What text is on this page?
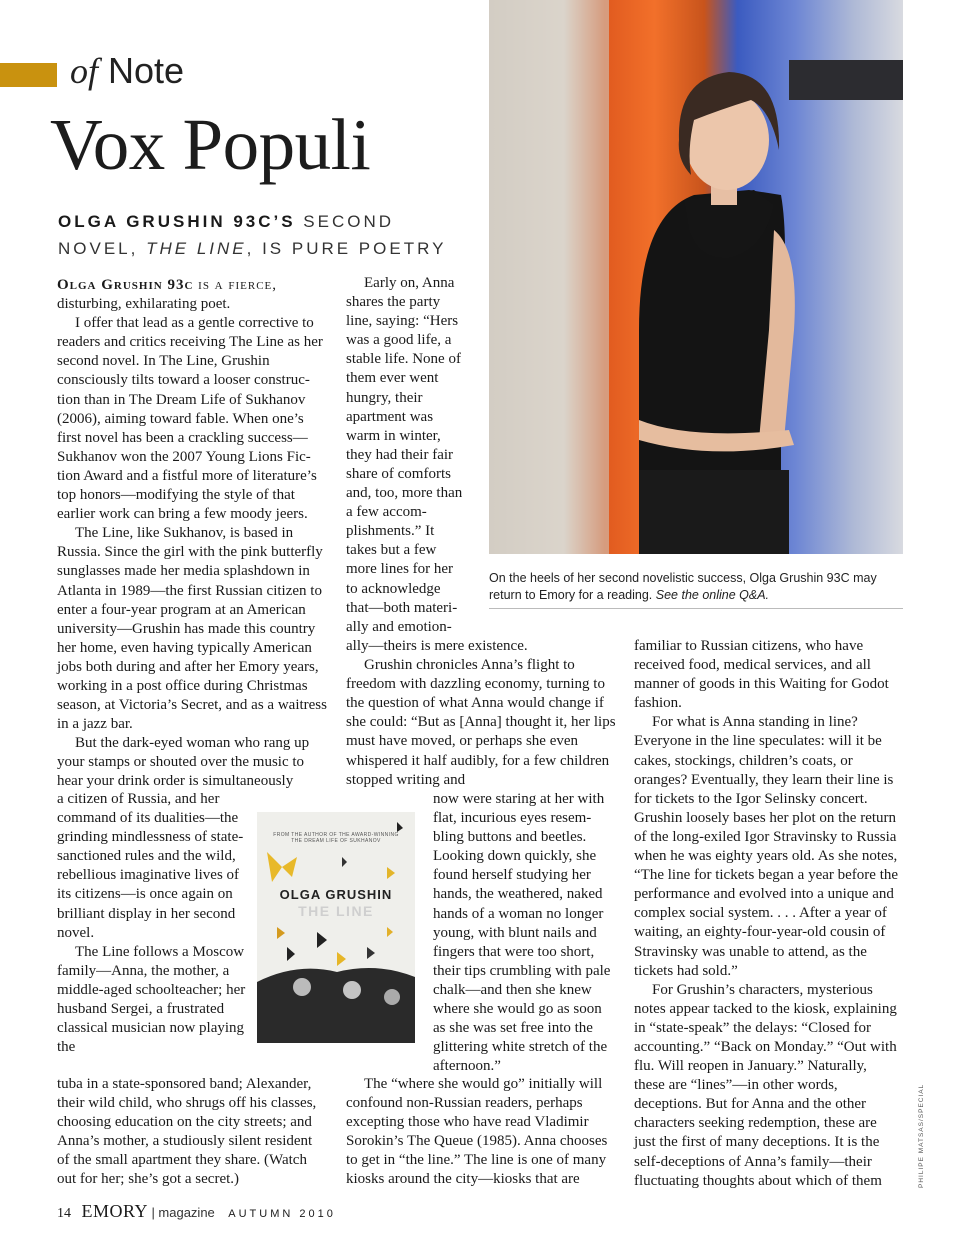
of Note
Vox Populi
OLGA GRUSHIN 93C’S SECOND NOVEL, THE LINE, IS PURE POETRY
On the heels of her second novelistic success, Olga Grushin 93C may return to Emory for a reading. See the online Q&A.

Olga Grushin 93c is a fierce,
disturbing, exhilarating poet.

I offer that lead as a gentle corrective to readers and critics receiving The Line as her second novel. In The Line, Grushin consciously tilts toward a looser construction than in The Dream Life of Sukhanov (2006), aiming toward fable. When one’s first novel has been a crackling success—Sukhanov won the 2007 Young Lions Fiction Award and a fistful more of literature’s top honors—modifying the style of that earlier work can bring a few moody jeers.

The Line, like Sukhanov, is based in Russia. Since the girl with the pink butterfly sunglasses made her media splashdown in Atlanta in 1989—the first Russian citizen to enter a four-year program at an American university—Grushin has made this country her home, even having typically American jobs both during and after her Emory years, working in a post office during Christmas season, at Victoria’s Secret, and as a waitress in a jazz bar.

But the dark-eyed woman who rang up your stamps or shouted over the music to hear your drink order is simultaneously

Early on, Anna shares the party line, saying: “Hers was a good life, a stable life. None of them ever went hungry, their apartment was warm in winter, they had their fair share of comforts and, too, more than a few accomplishments.” It takes but a few more lines for her to acknowledge that—both materially and emotion-

ally—theirs is mere existence.

Grushin chronicles Anna’s flight to freedom with dazzling economy, turning to the question of what Anna would change if she could: “But as [Anna] thought it, her lips must have moved, or perhaps she even whispered it half audibly, for a few children stopped writing and

familiar to Russian citizens, who have received food, medical services, and all manner of goods in this Waiting for Godot fashion.

For what is Anna standing in line? Everyone in the line speculates: will it be cakes, stockings, children’s coats, or oranges? Eventually, they learn their line is for tickets to the Igor Selinsky concert. Grushin loosely bases her plot on the return of the long-exiled Igor Stravinsky to Russia when he was eighty years old. As she notes, “The line for tickets began a year before the performance and evolved into a unique and complex social system. . . . After a year of waiting, an eighty-four-year-old cousin of Stravinsky was unable to attend, as the tickets had sold.”

For Grushin’s characters, mysterious notes appear tacked to the kiosk, explaining in “state-speak” the delays: “Closed for accounting.” “Back on Monday.” “Out with flu. Will reopen in January.” Naturally, these are “lines”—in other words, deceptions. But for Anna and the other characters seeking redemption, these are just the first of many deceptions. It is the self-deceptions of Anna’s family—their fluctuating thoughts about which of them

a citizen of Russia, and her command of its dualities—the grinding mindlessness of state-sanctioned rules and the wild, rebellious imaginative lives of its citizens—is once again on brilliant display in her second novel.

The Line follows a Moscow family—Anna, the mother, a middle-aged schoolteacher; her husband Sergei, a frustrated classical musician now playing the

FROM THE AUTHOR OF THE AWARD-WINNING THE DREAM LIFE OF SUKHANOV
OLGA GRUSHIN
THE LINE

now were staring at her with flat, incurious eyes resembling buttons and beetles. Looking down quickly, she found herself studying her hands, the weathered, naked hands of a woman no longer young, with blunt nails and fingers that were too short, their tips crumbling with pale chalk—and then she knew where she would go as soon as she was set free into the glittering white stretch of the afternoon.”

tuba in a state-sponsored band; Alexander, their wild child, who shrugs off his classes, choosing education on the city streets; and Anna’s mother, a studiously silent resident of the small apartment they share. (Watch out for her; she’s got a secret.)

The “where she would go” initially will confound non-Russian readers, perhaps excepting those who have read Vladimir Sorokin’s The Queue (1985). Anna chooses to get in “the line.” The line is one of many kiosks around the city—kiosks that are

14 EMORY | magazine AUTUMN 2010
PHILIPE MATSAS/SPECIAL
